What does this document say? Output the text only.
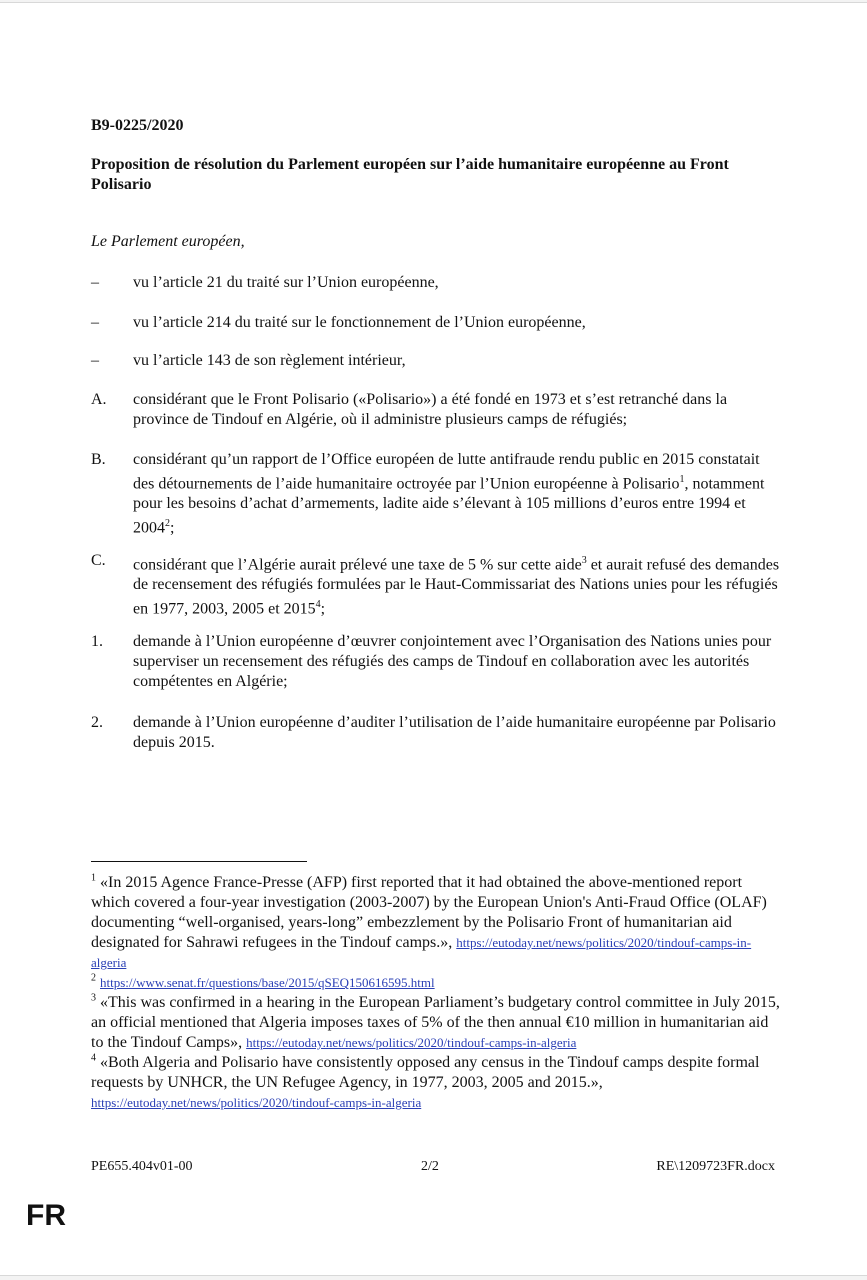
B9-0225/2020
Proposition de résolution du Parlement européen sur l’aide humanitaire européenne au Front Polisario
Le Parlement européen,
–	vu l’article 21 du traité sur l’Union européenne,
–	vu l’article 214 du traité sur le fonctionnement de l’Union européenne,
–	vu l’article 143 de son règlement intérieur,
A.	considérant que le Front Polisario («Polisario») a été fondé en 1973 et s’est retranché dans la province de Tindouf en Algérie, où il administre plusieurs camps de réfugiés;
B.	considérant qu’un rapport de l’Office européen de lutte antifraude rendu public en 2015 constatait des détournements de l’aide humanitaire octroyée par l’Union européenne à Polisario$^1$, notamment pour les besoins d’achat d’armements, ladite aide s’élevant à 105 millions d’euros entre 1994 et 2004$^2$;
C.	considérant que l’Algérie aurait prélevé une taxe de 5 % sur cette aide$^3$ et aurait refusé des demandes de recensement des réfugiés formulées par le Haut-Commissariat des Nations unies pour les réfugiés en 1977, 2003, 2005 et 2015$^4$;
1.	demande à l’Union européenne d’œuvrer conjointement avec l’Organisation des Nations unies pour superviser un recensement des réfugiés des camps de Tindouf en collaboration avec les autorités compétentes en Algérie;
2.	demande à l’Union européenne d’auditer l’utilisation de l’aide humanitaire européenne par Polisario depuis 2015.

$^1$ «In 2015 Agence France-Presse (AFP) first reported that it had obtained the above-mentioned report which covered a four-year investigation (2003-2007) by the European Union's Anti-Fraud Office (OLAF) documenting “well-organised, years-long” embezzlement by the Polisario Front of humanitarian aid designated for Sahrawi refugees in the Tindouf camps.», https://eutoday.net/news/politics/2020/tindouf-camps-in-algeria

$^2$ https://www.senat.fr/questions/base/2015/qSEQ150616595.html

$^3$ «This was confirmed in a hearing in the European Parliament’s budgetary control committee in July 2015, an official mentioned that Algeria imposes taxes of 5% of the then annual €10 million in humanitarian aid to the Tindouf Camps», https://eutoday.net/news/politics/2020/tindouf-camps-in-algeria

$^4$ «Both Algeria and Polisario have consistently opposed any census in the Tindouf camps despite formal requests by UNHCR, the UN Refugee Agency, in 1977, 2003, 2005 and 2015.», https://eutoday.net/news/politics/2020/tindouf-camps-in-algeria

PE655.404v01-00	2/2	RE\1209723FR.docx
FR
